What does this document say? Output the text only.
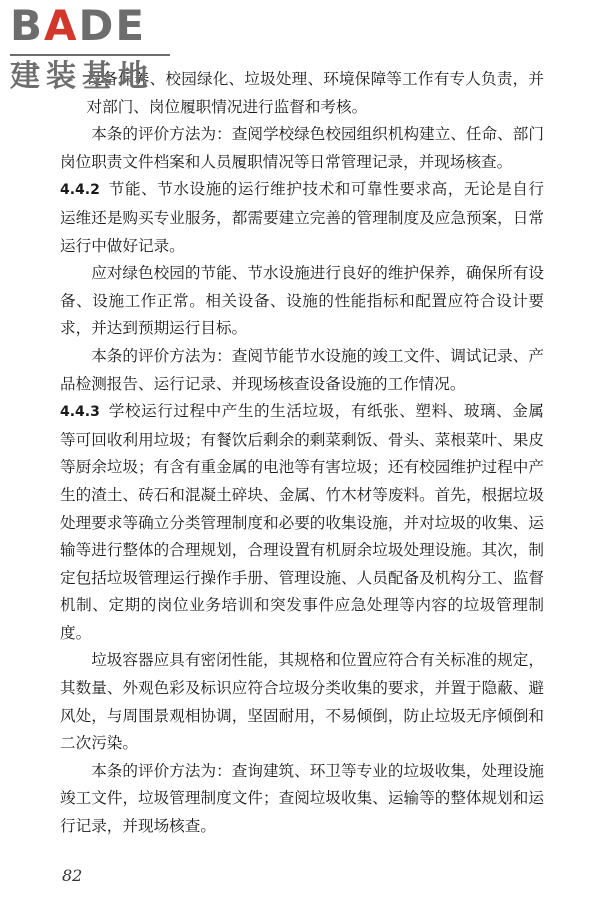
BADE
建装基地

设备保养、校园绿化、垃圾处理、环境保障等工作有专人负责，并对部门、岗位履职情况进行监督和考核。

本条的评价方法为：查阅学校绿色校园组织机构建立、任命、部门岗位职责文件档案和人员履职情况等日常管理记录，并现场核查。

4.4.2 节能、节水设施的运行维护技术和可靠性要求高，无论是自行运维还是购买专业服务，都需要建立完善的管理制度及应急预案，日常运行中做好记录。

应对绿色校园的节能、节水设施进行良好的维护保养，确保所有设备、设施工作正常。相关设备、设施的性能指标和配置应符合设计要求，并达到预期运行目标。

本条的评价方法为：查阅节能节水设施的竣工文件、调试记录、产品检测报告、运行记录、并现场核查设备设施的工作情况。

4.4.3 学校运行过程中产生的生活垃圾，有纸张、塑料、玻璃、金属等可回收利用垃圾；有餐饮后剩余的剩菜剩饭、骨头、菜根菜叶、果皮等厨余垃圾；有含有重金属的电池等有害垃圾；还有校园维护过程中产生的渣土、砖石和混凝土碎块、金属、竹木材等废料。首先，根据垃圾处理要求等确立分类管理制度和必要的收集设施，并对垃圾的收集、运输等进行整体的合理规划，合理设置有机厨余垃圾处理设施。其次，制定包括垃圾管理运行操作手册、管理设施、人员配备及机构分工、监督机制、定期的岗位业务培训和突发事件应急处理等内容的垃圾管理制度。

垃圾容器应具有密闭性能，其规格和位置应符合有关标准的规定，其数量、外观色彩及标识应符合垃圾分类收集的要求，并置于隐蔽、避风处，与周围景观相协调，坚固耐用，不易倾倒，防止垃圾无序倾倒和二次污染。

本条的评价方法为：查询建筑、环卫等专业的垃圾收集，处理设施竣工文件，垃圾管理制度文件；查阅垃圾收集、运输等的整体规划和运行记录，并现场核查。

82
